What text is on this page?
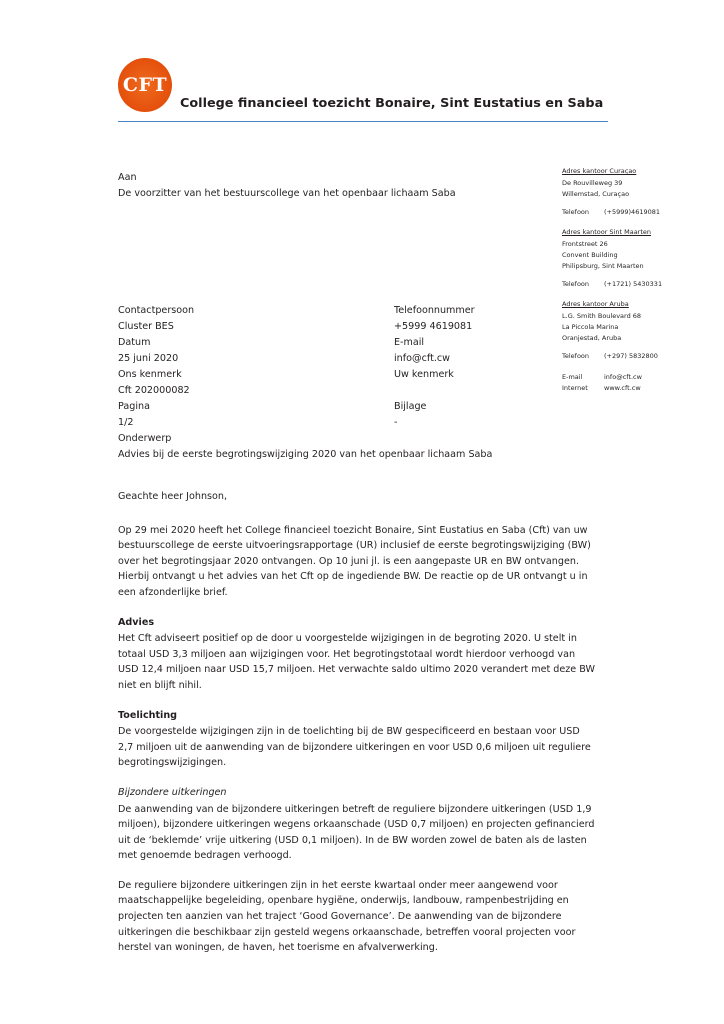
CFT
College financieel toezicht Bonaire, Sint Eustatius en Saba
Aan
De voorzitter van het bestuurscollege van het openbaar lichaam Saba
Adres kantoor Curaçao
De Rouvilleweg 39
Willemstad, Curaçao
Telefoon (+5999)4619081
Adres kantoor Sint Maarten
Frontstreet 26
Convent Building
Philipsburg, Sint Maarten
Telefoon (+1721) 5430331
Adres kantoor Aruba
L.G. Smith Boulevard 68
La Piccola Marina
Oranjestad, Aruba
Telefoon (+297) 5832800
E-mail	info@cft.cw
Internet www.cft.cw
Contactpersoon	Telefoonnummer
Cluster BES	+5999 4619081
Datum	E-mail
25 juni 2020	info@cft.cw
Ons kenmerk	Uw kenmerk
Cft 202000082
Pagina	Bijlage
1/2	-
Onderwerp
Advies bij de eerste begrotingswijziging 2020 van het openbaar lichaam Saba

Geachte heer Johnson,

Op 29 mei 2020 heeft het College financieel toezicht Bonaire, Sint Eustatius en Saba (Cft) van uw bestuurscollege de eerste uitvoeringsrapportage (UR) inclusief de eerste begrotingswijziging (BW) over het begrotingsjaar 2020 ontvangen. Op 10 juni jl. is een aangepaste UR en BW ontvangen. Hierbij ontvangt u het advies van het Cft op de ingediende BW. De reactie op de UR ontvangt u in een afzonderlijke brief.

Advies

Het Cft adviseert positief op de door u voorgestelde wijzigingen in de begroting 2020. U stelt in totaal USD 3,3 miljoen aan wijzigingen voor. Het begrotingstotaal wordt hierdoor verhoogd van USD 12,4 miljoen naar USD 15,7 miljoen. Het verwachte saldo ultimo 2020 verandert met deze BW niet en blijft nihil.

Toelichting

De voorgestelde wijzigingen zijn in de toelichting bij de BW gespecificeerd en bestaan voor USD 2,7 miljoen uit de aanwending van de bijzondere uitkeringen en voor USD 0,6 miljoen uit reguliere begrotingswijzigingen.

Bijzondere uitkeringen

De aanwending van de bijzondere uitkeringen betreft de reguliere bijzondere uitkeringen (USD 1,9 miljoen), bijzondere uitkeringen wegens orkaanschade (USD 0,7 miljoen) en projecten gefinancierd uit de ‘beklemde’ vrije uitkering (USD 0,1 miljoen). In de BW worden zowel de baten als de lasten met genoemde bedragen verhoogd.

De reguliere bijzondere uitkeringen zijn in het eerste kwartaal onder meer aangewend voor maatschappelijke begeleiding, openbare hygiëne, onderwijs, landbouw, rampenbestrijding en projecten ten aanzien van het traject ‘Good Governance’. De aanwending van de bijzondere uitkeringen die beschikbaar zijn gesteld wegens orkaanschade, betreffen vooral projecten voor herstel van woningen, de haven, het toerisme en afvalverwerking.
